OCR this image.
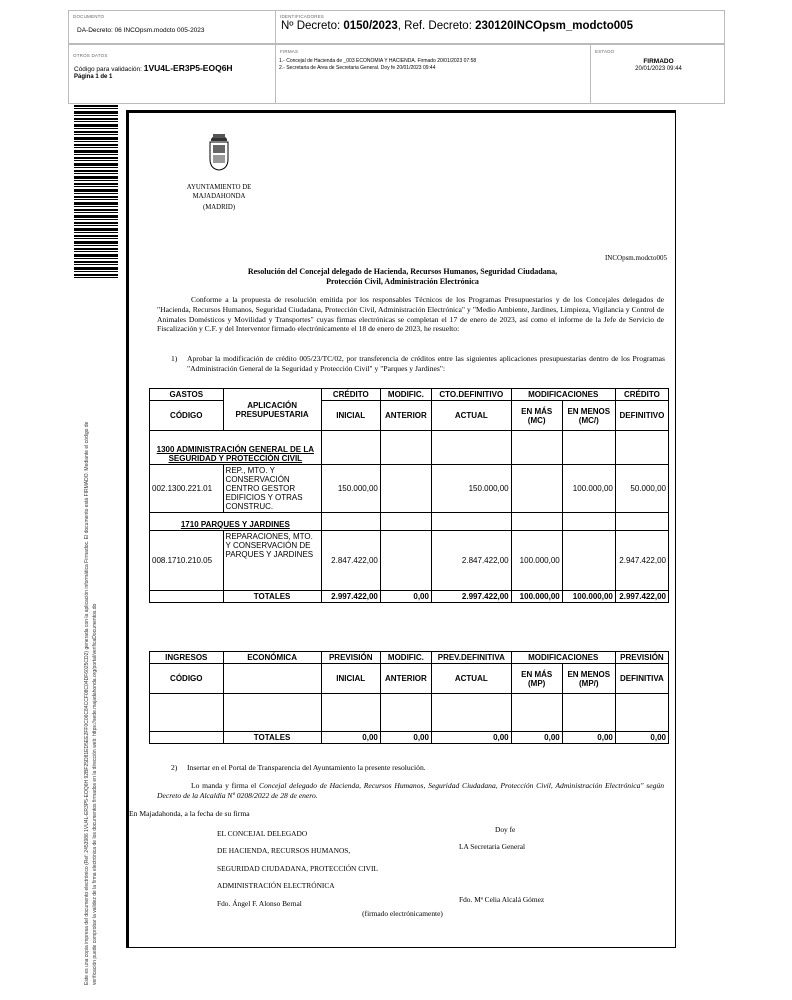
DOCUMENTO
DA-Decreto: 06 INCOpsm.modcto 005-2023
IDENTIFICADORES
Nº Decreto: 0150/2023, Ref. Decreto: 230120INCOpsm_modcto005
OTROS DATOS
Código para validación: 1VU4L-ER3P5-EOQ6H
Página 1 de 1
FIRMAS
1.- Concejal de Hacienda de _003 ECONOMIA Y HACIENDA. Firmado 20/01/2023 07:58
2.- Secretaria de Area de Secretaria General. Doy fe 20/01/2023 09:44
ESTADO
FIRMADO
20/01/2023 09:44
Este es una copia impresa del documento electrónico (Ref: 2453986 1VU4L-ER3P5-EOQ6H 92BF25D81ED5EE2FF0C06C84CCF08C04DF6025CD2) generada con la aplicación informática Firmadoc. El documento está FIRMADO. Mediante el código de verificación puede comprobar la validez de la firma electrónica de los documentos firmados en la dirección web: https://sede.majadahonda.org/portal/verificaDocumentos.do
AYUNTAMIENTO DE
MAJADAHONDA
(MADRID)
INCOpsm.modcto005
Resolución del Concejal delegado de Hacienda, Recursos Humanos, Seguridad Ciudadana,
Protección Civil, Administración Electrónica
Conforme a la propuesta de resolución emitida por los responsables Técnicos de los Programas Presupuestarios y de los Concejales delegados de "Hacienda, Recursos Humanos, Seguridad Ciudadana, Protección Civil, Administración Electrónica" y "Medio Ambiente, Jardines, Limpieza, Vigilancia y Control de Animales Domésticos y Movilidad y Transportes" cuyas firmas electrónicas se completan el 17 de enero de 2023, así como el informe de la Jefe de Servicio de Fiscalización y C.F. y del Interventor firmado electrónicamente el 18 de enero de 2023, he resuelto:
1) Aprobar la modificación de crédito 005/23/TC/02, por transferencia de créditos entre las siguientes aplicaciones presupuestarias dentro de los Programas "Administración General de la Seguridad y Protección Civil" y "Parques y Jardines":
GASTOS	APLICACIÓN PRESUPUESTARIA	CRÉDITO	MODIFIC.	CTO.DEFINITIVO	MODIFICACIONES		CRÉDITO
CÓDIGO		INICIAL	ANTERIOR	ACTUAL	EN MÁS (MC)	EN MENOS (MC/)	DEFINITIVO
1300 ADMINISTRACIÓN GENERAL DE LA SEGURIDAD Y PROTECCIÓN CIVIL							
002.1300.221.01	REP., MTO. Y CONSERVACIÓN CENTRO GESTOR EDIFICIOS Y OTRAS CONSTRUC.	150.000,00		150.000,00		100.000,00	50.000,00
1710 PARQUES Y JARDINES							
008.1710.210.05	REPARACIONES, MTO. Y CONSERVACIÓN DE PARQUES Y JARDINES	2.847.422,00		2.847.422,00	100.000,00		2.947.422,00
	TOTALES	2.997.422,00	0,00	2.997.422,00	100.000,00	100.000,00	2.997.422,00
INGRESOS	ECONÓMICA	PREVISIÓN	MODIFIC.	PREV.DEFINITIVA	MODIFICACIONES		PREVISIÓN
CÓDIGO		INICIAL	ANTERIOR	ACTUAL	EN MÁS (MP)	EN MENOS (MP/)	DEFINITIVA

	TOTALES	0,00	0,00	0,00	0,00	0,00	0,00
2) Insertar en el Portal de Transparencia del Ayuntamiento la presente resolución.
Lo manda y firma el Concejal delegado de Hacienda, Recursos Humanos, Seguridad Ciudadana, Protección Civil, Administración Electrónica" según Decreto de la Alcaldía Nº 0208/2022 de 28 de enero.
En Majadahonda, a la fecha de su firma
EL CONCEJAL DELEGADO
DE HACIENDA, RECURSOS HUMANOS,
SEGURIDAD CIUDADANA, PROTECCIÓN CIVIL
ADMINISTRACIÓN ELECTRÓNICA
Fdo. Ángel F. Alonso Bernal
Doy fe
LA Secretaria General
Fdo. Mª Celia Alcalá Gómez
(firmado electrónicamente)
